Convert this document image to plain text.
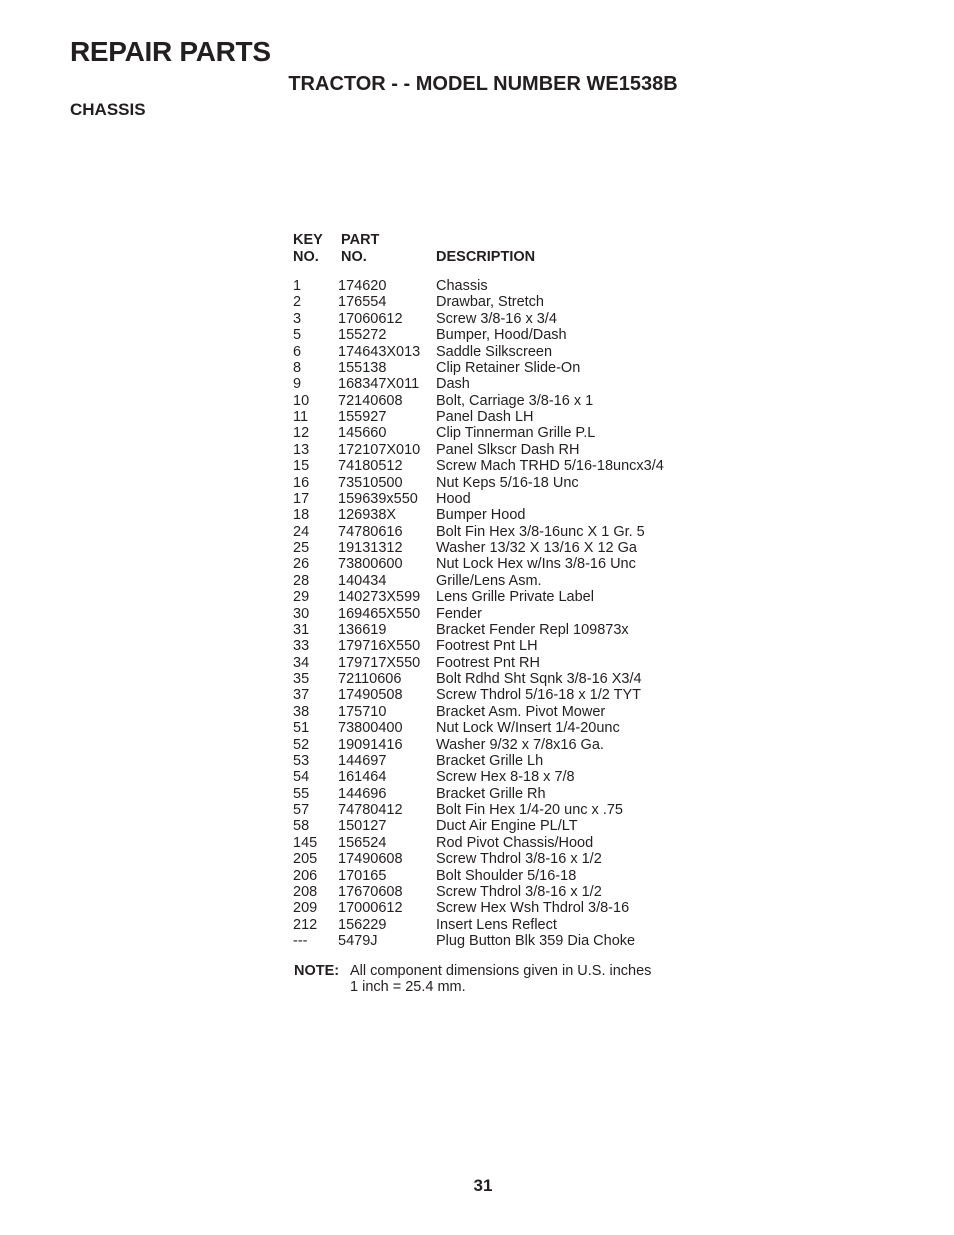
REPAIR PARTS
TRACTOR - - MODEL NUMBER WE1538B
CHASSIS
KEY
NO.
PART
NO.	DESCRIPTION
1	174620	Chassis
2	176554	Drawbar, Stretch
3	17060612 Screw 3/8-16 x 3/4
5	155272	Bumper, Hood/Dash
6	174643X013 Saddle Silkscreen
8	155138	Clip Retainer Slide-On
9	168347X011 Dash
10 72140608 Bolt, Carriage 3/8-16 x 1
11 155927	Panel Dash LH
12 145660	Clip Tinnerman Grille P.L
13 172107X010 Panel Slkscr Dash RH
15 74180512 Screw Mach TRHD 5/16-18uncx3/4
16 73510500 Nut Keps 5/16-18 Unc
17 159639x550 Hood
18 126938X	Bumper Hood
24 74780616 Bolt Fin Hex 3/8-16unc X 1 Gr. 5
25 19131312 Washer 13/32 X 13/16 X 12 Ga
26 73800600 Nut Lock Hex w/Ins 3/8-16 Unc
28 140434	Grille/Lens Asm.
29 140273X599 Lens Grille Private Label
30 169465X550 Fender
31 136619	Bracket Fender Repl 109873x
33 179716X550 Footrest Pnt LH
34 179717X550 Footrest Pnt RH
35 72110606 Bolt Rdhd Sht Sqnk 3/8-16 X3/4
37 17490508 Screw Thdrol 5/16-18 x 1/2 TYT
38 175710	Bracket Asm. Pivot Mower
51 73800400 Nut Lock W/Insert 1/4-20unc
52 19091416 Washer 9/32 x 7/8x16 Ga.
53 144697	Bracket Grille Lh
54 161464	Screw Hex 8-18 x 7/8
55 144696	Bracket Grille Rh
57 74780412 Bolt Fin Hex 1/4-20 unc x .75
58 150127	Duct Air Engine PL/LT
145 156524	Rod Pivot Chassis/Hood
205 17490608 Screw Thdrol 3/8-16 x 1/2
206 170165	Bolt Shoulder 5/16-18
208 17670608 Screw Thdrol 3/8-16 x 1/2
209 17000612 Screw Hex Wsh Thdrol 3/8-16
212 156229	Insert Lens Reflect
--- 5479J	Plug Button Blk 359 Dia Choke
NOTE: All component dimensions given in U.S. inches
1 inch = 25.4 mm.
31
